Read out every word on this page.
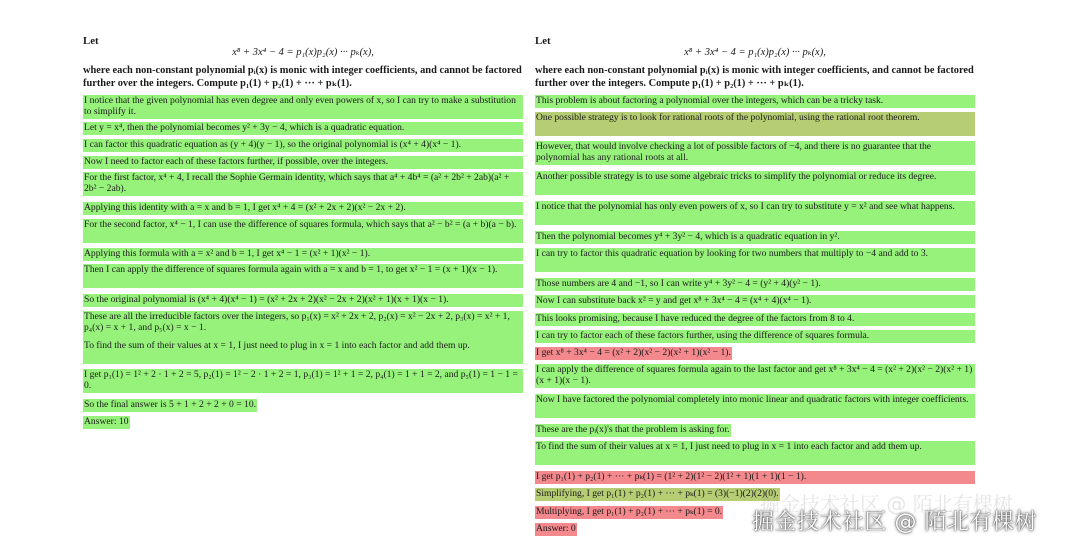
Let
x⁸ + 3x⁴ − 4 = p₁(x)p₂(x) ··· pₖ(x),
where each non-constant polynomial pᵢ(x) is monic with integer coefficients, and cannot be factored further over the integers. Compute p₁(1) + p₂(1) + ··· + pₖ(1).
I notice that the given polynomial has even degree and only even powers of x, so I can try to make a substitution to simplify it.
Let y = x⁴, then the polynomial becomes y² + 3y − 4, which is a quadratic equation.
I can factor this quadratic equation as (y + 4)(y − 1), so the original polynomial is (x⁴ + 4)(x⁴ − 1).
Now I need to factor each of these factors further, if possible, over the integers.
For the first factor, x⁴ + 4, I recall the Sophie Germain identity, which says that a⁴ + 4b⁴ = (a² + 2b² + 2ab)(a² + 2b² − 2ab).
Applying this identity with a = x and b = 1, I get x⁴ + 4 = (x² + 2x + 2)(x² − 2x + 2).
For the second factor, x⁴ − 1, I can use the difference of squares formula, which says that a² − b² = (a + b)(a − b).
Applying this formula with a = x² and b = 1, I get x⁴ − 1 = (x² + 1)(x² − 1).
Then I can apply the difference of squares formula again with a = x and b = 1, to get x² − 1 = (x + 1)(x − 1).
So the original polynomial is (x⁴ + 4)(x⁴ − 1) = (x² + 2x + 2)(x² − 2x + 2)(x² + 1)(x + 1)(x − 1).
These are all the irreducible factors over the integers, so p₁(x) = x² + 2x + 2, p₂(x) = x² − 2x + 2, p₃(x) = x² + 1, p₄(x) = x + 1, and p₅(x) = x − 1.
To find the sum of their values at x = 1, I just need to plug in x = 1 into each factor and add them up.
I get p₁(1) = 1² + 2 · 1 + 2 = 5, p₂(1) = 1² − 2 · 1 + 2 = 1, p₃(1) = 1² + 1 = 2, p₄(1) = 1 + 1 = 2, and p₅(1) = 1 − 1 = 0.
So the final answer is 5 + 1 + 2 + 2 + 0 = 10.
Answer: 10
Let
x⁸ + 3x⁴ − 4 = p₁(x)p₂(x) ··· pₖ(x),
where each non-constant polynomial pᵢ(x) is monic with integer coefficients, and cannot be factored further over the integers. Compute p₁(1) + p₂(1) + ··· + pₖ(1).
This problem is about factoring a polynomial over the integers, which can be a tricky task.
One possible strategy is to look for rational roots of the polynomial, using the rational root theorem.
However, that would involve checking a lot of possible factors of −4, and there is no guarantee that the polynomial has any rational roots at all.
Another possible strategy is to use some algebraic tricks to simplify the polynomial or reduce its degree.
I notice that the polynomial has only even powers of x, so I can try to substitute y = x² and see what happens.
Then the polynomial becomes y⁴ + 3y² − 4, which is a quadratic equation in y².
I can try to factor this quadratic equation by looking for two numbers that multiply to −4 and add to 3.
Those numbers are 4 and −1, so I can write y⁴ + 3y² − 4 = (y² + 4)(y² − 1).
Now I can substitute back x² = y and get x⁸ + 3x⁴ − 4 = (x⁴ + 4)(x⁴ − 1).
This looks promising, because I have reduced the degree of the factors from 8 to 4.
I can try to factor each of these factors further, using the difference of squares formula.
I get x⁸ + 3x⁴ − 4 = (x² + 2)(x² − 2)(x² + 1)(x² − 1).
I can apply the difference of squares formula again to the last factor and get x⁸ + 3x⁴ − 4 = (x² + 2)(x² − 2)(x² + 1)(x + 1)(x − 1).
Now I have factored the polynomial completely into monic linear and quadratic factors with integer coefficients.
These are the pᵢ(x)'s that the problem is asking for.
To find the sum of their values at x = 1, I just need to plug in x = 1 into each factor and add them up.
I get p₁(1) + p₂(1) + ··· + pₖ(1) = (1² + 2)(1² − 2)(1² + 1)(1 + 1)(1 − 1).
Simplifying, I get p₁(1) + p₂(1) + ··· + pₖ(1) = (3)(−1)(2)(2)(0).
Multiplying, I get p₁(1) + p₂(1) + ··· + pₖ(1) = 0.
Answer: 0
掘金技术社区 @ 陌北有棵树
掘金技术社区 @ 陌北有棵树
